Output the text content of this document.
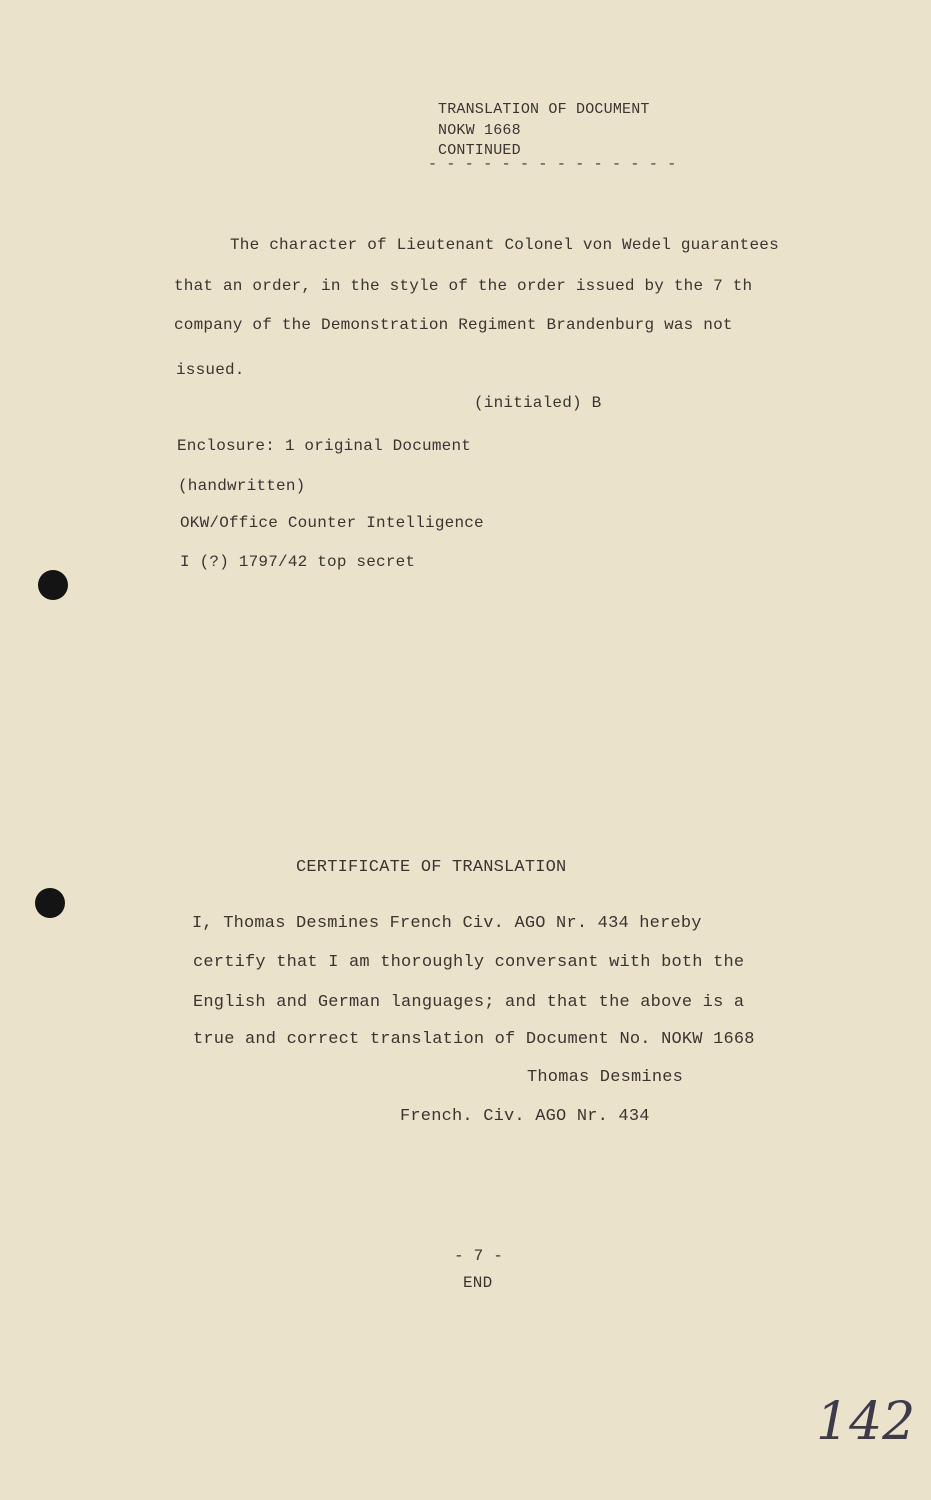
TRANSLATION OF DOCUMENT
NOKW 1668
CONTINUED
- - - - - - - - - - - - - -
The character of Lieutenant Colonel von Wedel guarantees
that an order, in the style of the order issued by the 7 th
company of the Demonstration Regiment Brandenburg was not
issued.
(initialed) B
Enclosure: 1 original Document
(handwritten)
OKW/Office Counter Intelligence
I (?) 1797/42 top secret
CERTIFICATE OF TRANSLATION
I, Thomas Desmines French Civ. AGO Nr. 434 hereby
certify that I am thoroughly conversant with both the
English and German languages; and that the above is a
true and correct translation of Document No. NOKW 1668
Thomas Desmines
French. Civ. AGO Nr. 434
- 7 -
END
142
